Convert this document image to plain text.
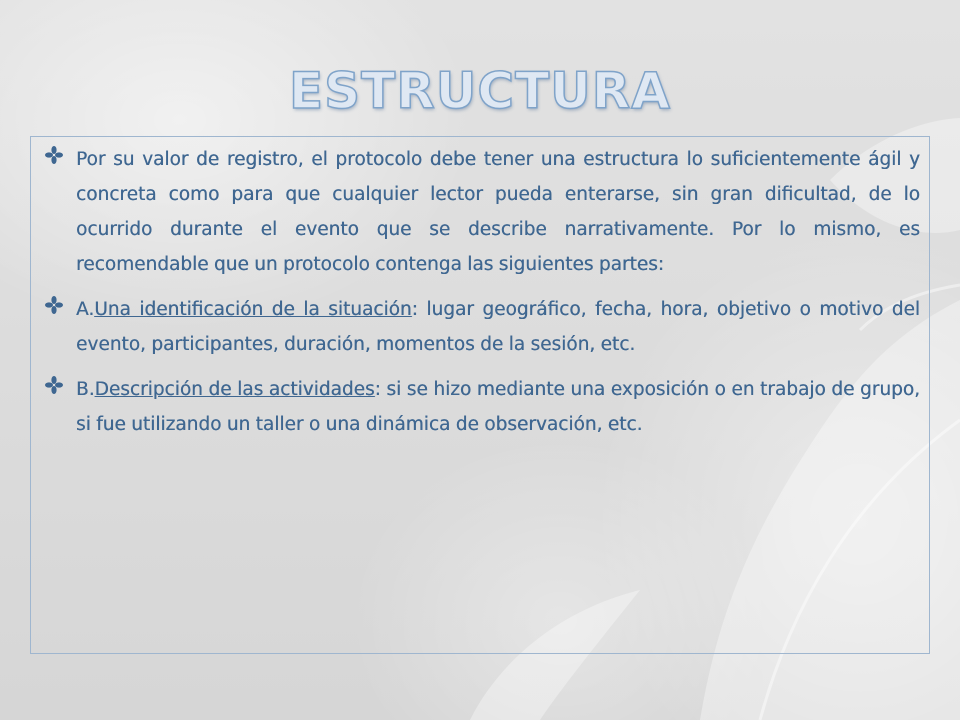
ESTRUCTURA
Por su valor de registro, el protocolo debe tener una estructura lo suficientemente ágil y concreta como para que cualquier lector pueda enterarse, sin gran dificultad, de lo ocurrido durante el evento que se describe narrativamente. Por lo mismo, es recomendable que un protocolo contenga las siguientes partes:
A.Una identificación de la situación: lugar geográfico, fecha, hora, objetivo o motivo del evento, participantes, duración, momentos de la sesión, etc.
B.Descripción de las actividades: si se hizo mediante una exposición o en trabajo de grupo, si fue utilizando un taller o una dinámica de observación, etc.
